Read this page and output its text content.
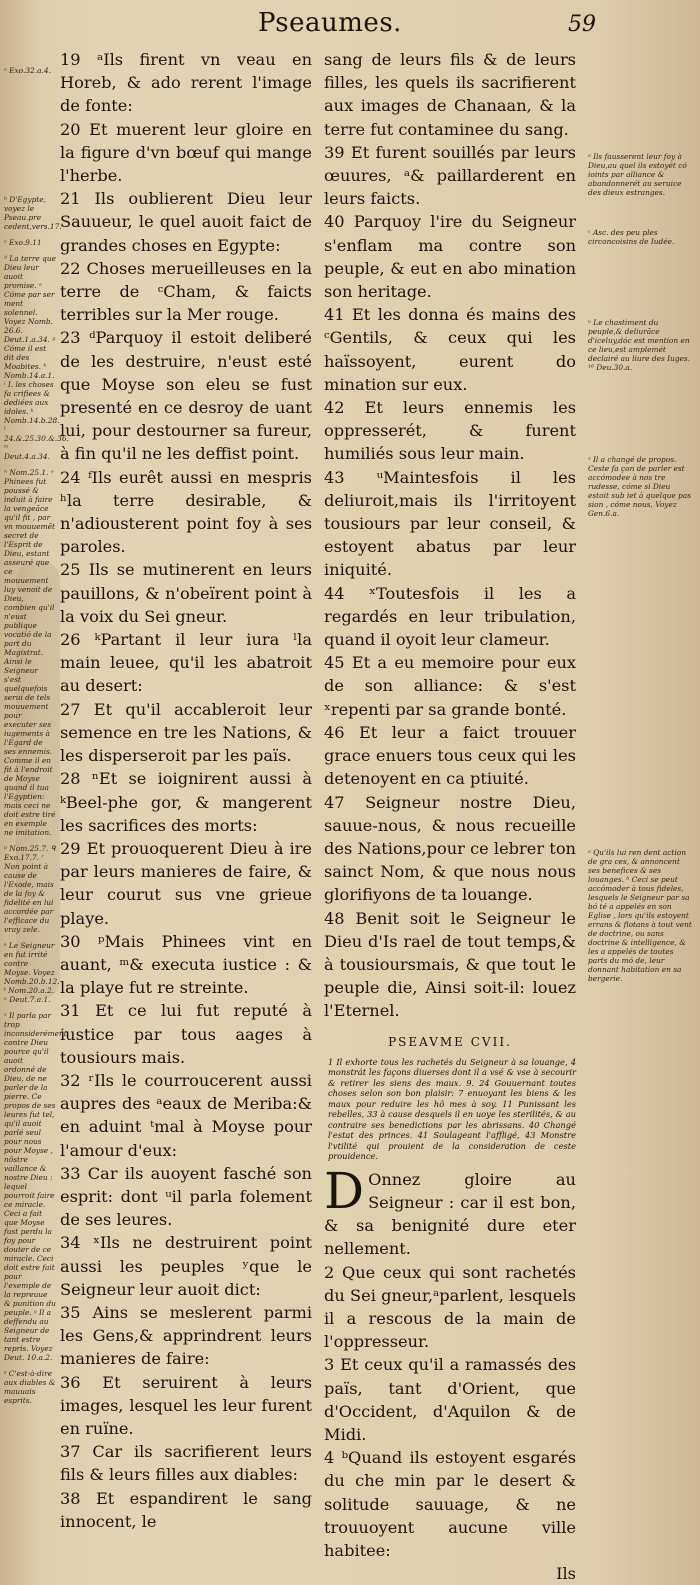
Pseaumes.	59

ᵃ Exo.32.a.4.

ᵇ D'Egypte, voyez le Pseau.pre cedent,vers.17.

ᶜ Exo.9.11

ᵈ La terre que Dieu leur auoit promise. ᵉ Cóme par ser ment solennel. Voyez Nomb. 26.6. Deut.1.a.34. ᵍ Cóme il est dit des Moabites. ʰ Nomb.14.a.1. ⁱ I. les choses fa crifiees & dediées aux idoles. ᵏ Nomb.14.b.28. ˡ 24.&.25.30.&.36. ᵐ Deut.4.a.34.

ⁿ Nom.25.1. ᵒ Phinees fut poussé & induit à faire la vengeãce qu'il fit , par vn mouuemẽt secret de l'Esprit de Dieu, estant asseuré que ce mouuement luy venoit de Dieu, combien qu'il n'eust publique vocatió de la part du Magistrat. Ainsi le Seigneur s'est quelquefois serui de tels mouuement pour executer ses iugements à l'Egard de ses ennemis. Comme il en fit à l'endroit de Moyse quand il tua l'Egyptien: mais ceci ne doit estre tiré en exemple ne imitation.

ᵖ Nom.25.7. ᑫ Exo.17.7. ʳ Non point à cause de l'Exode, mais de la foy & fidelité en lui accordée par l'efficace du vray zele.

ˢ Le Seigneur en fut irrité contre Moyse. Voyez Nomb.20.b.12. ᵗ Nom.20.a.2. ᵘ Deut.7.a.1.

ˣ Il parla par trop inconsiderément contre Dieu pource qu'il auoit ordonné de Dieu, de ne parler de la pierre. Ce propos de ses leures fut tel, qu'il auoit parlé seul pour nous pour Moyse , nôstre vaillance & nostre Dieu : lequel pourroit faire ce miracle. Ceci a fait que Moyse fust perdu la foy pour douter de ce miracle. Ceci doit estre fait pour l'exemple de la repreuue & punition du peuple. ʸ Il a deffendu au Seigneur de tant estre repris. Voyez Deut. 10.a.2.

ᶻ C'est-à-dire aux diables & mauuais esprits.

19 ᵃIls firent vn veau en Horeb, & ado rerent l'image de fonte:

20 Et muerent leur gloire en la figure d'vn bœuf qui mange l'herbe.

21 Ils oublierent Dieu leur Sauueur, le quel auoit faict de grandes choses en Egypte:

22 Choses merueilleuses en la terre de ᶜCham, & faicts terribles sur la Mer rouge.

23 ᵈParquoy il estoit deliberé de les destruire, n'eust esté que Moyse son eleu se fust presenté en ce desroy de uant lui, pour destourner sa fureur, à fin qu'il ne les deffist point.

24 ᶠIls eurêt aussi en mespris ʰla terre desirable, & n'adiousterent point foy à ses paroles.

25 Ils se mutinerent en leurs pauillons, & n'obeïrent point à la voix du Sei gneur.

26 ᵏPartant il leur iura ˡla main leuee, qu'il les abatroit au desert:

27 Et qu'il accableroit leur semence en tre les Nations, & les disperseroit par les païs.

28 ⁿEt se ioignirent aussi à ᵏBeel-phe gor, & mangerent les sacrifices des morts:

29 Et prouoquerent Dieu à ire par leurs manieres de faire, & leur courut sus vne grieue playe.

30 ᵖMais Phinees vint en auant, ᵐ& executa iustice : & la playe fut re streinte.

31 Et ce lui fut reputé à iustice par tous aages à tousiours mais.

32 ʳIls le courroucerent aussi aupres des ᵃeaux de Meriba:& en aduint ᵗmal à Moyse pour l'amour d'eux:

33 Car ils auoyent fasché son esprit: dont ᵘil parla folement de ses leures.

34 ˣIls ne destruirent point aussi les peuples ʸque le Seigneur leur auoit dict:

35 Ains se meslerent parmi les Gens,& apprindrent leurs manieres de faire:

36 Et seruirent à leurs images, lesquel les leur furent en ruïne.

37 Car ils sacrifierent leurs fils & leurs filles aux diables:

38 Et espandirent le sang innocent, le

sang de leurs fils & de leurs filles, les quels ils sacrifierent aux images de Chanaan, & la terre fut contaminee du sang.

39 Et furent souillés par leurs œuures, ᵃ& paillarderent en leurs faicts.

40 Parquoy l'ire du Seigneur s'enflam ma contre son peuple, & eut en abo mination son heritage.

41 Et les donna és mains des ᶜGentils, & ceux qui les haïssoyent, eurent do mination sur eux.

42 Et leurs ennemis les oppresserét, & furent humiliés sous leur main.

43 ᵘMaintesfois il les deliuroit,mais ils l'irritoyent tousiours par leur conseil, & estoyent abatus par leur iniquité.

44 ˣToutesfois il les a regardés en leur tribulation, quand il oyoit leur clameur.

45 Et a eu memoire pour eux de son alliance: & s'est ˣrepenti par sa grande bonté.

46 Et leur a faict trouuer grace enuers tous ceux qui les detenoyent en ca ptiuité.

47 Seigneur nostre Dieu, sauue-nous, & nous recueille des Nations,pour ce lebrer ton sainct Nom, & que nous nous glorifiyons de ta louange.

48 Benit soit le Seigneur le Dieu d'Is rael de tout temps,& à tousioursmais, & que tout le peuple die, Ainsi soit-il: louez l'Eternel.

PSEAVME CVII.

1 Il exhorte tous les rachetés du Seigneur à sa louange, 4 monstrát les façons diuerses dont il a vsé & vse à secourir & retirer les siens des maux. 9. 24 Gouuernant toutes choses selon son bon plaisir: 7 enuoyant les biens & les maux pour reduire les hô mes à soy. 11 Punissant les rebelles, 33 à cause desquels il en uoye les sterilités, & au contraire ses benedictions par les abrissans. 40 Changé l'estat des princes. 41 Soulageant l'affligé, 43 Monstre l'vtilité qui prouient de la consideration de ceste prouidence.

D Onnez gloire au Seigneur : car il est bon, & sa benignité dure eter nellement.

2 Que ceux qui sont rachetés du Sei gneur,ᵃparlent, lesquels il a rescous de la main de l'oppresseur.

3 Et ceux qu'il a ramassés des païs, tant d'Orient, que d'Occident, d'Aquilon & de Midi.

4 ᵇQuand ils estoyent esgarés du che min par le desert & solitude sauuage, & ne trouuoyent aucune ville habitee:

Ils

ᵃ Ils fausserent leur foy à Dieu,au quel ils estoyét có ioints par alliance & abandonnerét au seruice des dieux estranges.
ᶜ Asc. des peu ples circoncoisins de Iudée.
ᵘ Le chastiment du peuple,& deliurãce d'iceluy,dóc est mention en ce lieu,est amplemét declairé au liure des Iuges. ¹⁶ Deu.30.a.
ˣ Il a changé de propos. Ceste fa çon de parler est accómodee à nos tre rudesse, cóme si Dieu estoit sub iet à quelque pas sion , cóme nous, Voyez Gen.6.a.
ᵃ Qu'ils lui ren dent action de gra ces, & annoncent ses benefices & ses louanges. ᵇ Ceci se peut accómoder à tous fideles, lesquels le Seigneur par sa bó té a appelés en son Eglise , lors qu'ils estoyent errans & flotans à tout vent de doctrine, ou sans doctrine & intelligence, & les a appelés de toutes parts du mó de, leur donnant habitation en sa bergerie.
